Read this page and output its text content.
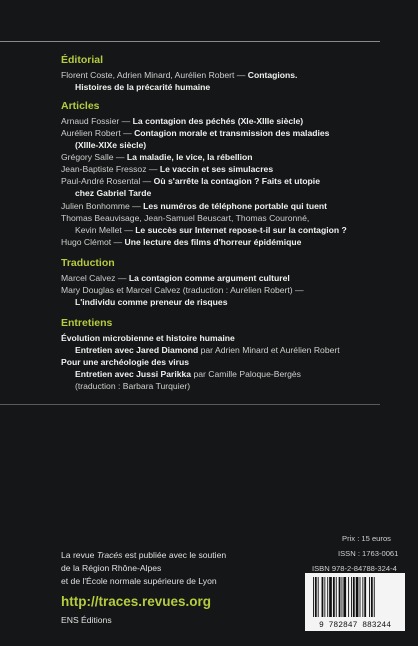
Éditorial
Florent Coste, Adrien Minard, Aurélien Robert — Contagions.
Histoires de la précarité humaine
Articles
Arnaud Fossier — La contagion des péchés (XIe-XIIIe siècle)
Aurélien Robert — Contagion morale et transmission des maladies
(XIIIe-XIXe siècle)
Grégory Salle — La maladie, le vice, la rébellion
Jean-Baptiste Fressoz — Le vaccin et ses simulacres
Paul-André Rosental — Où s'arrête la contagion ? Faits et utopie
chez Gabriel Tarde
Julien Bonhomme — Les numéros de téléphone portable qui tuent
Thomas Beauvisage, Jean-Samuel Beuscart, Thomas Couronné,
Kevin Mellet — Le succès sur Internet repose-t-il sur la contagion ?
Hugo Clémot — Une lecture des films d'horreur épidémique
Traduction
Marcel Calvez — La contagion comme argument culturel
Mary Douglas et Marcel Calvez (traduction : Aurélien Robert) —
L'individu comme preneur de risques
Entretiens
Évolution microbienne et histoire humaine
Entretien avec Jared Diamond par Adrien Minard et Aurélien Robert
Pour une archéologie des virus
Entretien avec Jussi Parikka par Camille Paloque-Bergès
(traduction : Barbara Turquier)
La revue Tracés est publiée avec le soutien
de la Région Rhône-Alpes
et de l'École normale supérieure de Lyon
http://traces.revues.org
ENS Éditions
Prix : 15 euros
ISSN : 1763-0061
ISBN 978-2-84788-324-4
9 782847 883244
